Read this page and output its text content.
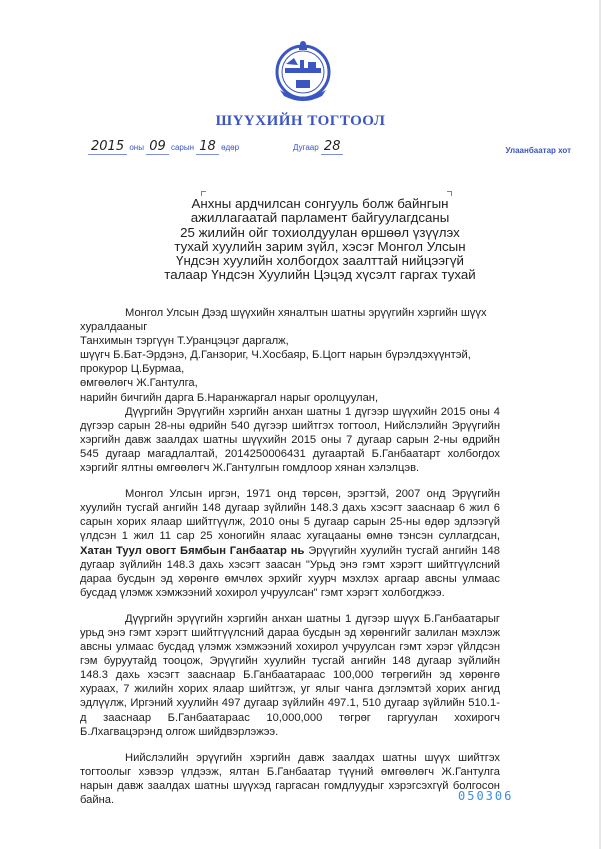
ШҮҮХИЙН ТОГТООЛ
2015 оны 09 сарын 18 өдөр	Дугаар 28	Улаанбаатар хот
Анхны ардчилсан сонгууль болж байнгын
ажиллагаатай парламент байгуулагдсаны
25 жилийн ойг тохиолдуулан өршөөл үзүүлэх
тухай хуулийн зарим зүйл, хэсэг Монгол Улсын
Үндсэн хуулийн холбогдох заалттай нийцээгүй
талаар Үндсэн Хуулийн Цэцэд хүсэлт гаргах тухай

Монгол Улсын Дээд шүүхийн хяналтын шатны эрүүгийн хэргийн шүүх

хуралдааныг

Танхимын тэргүүн Т.Уранцэцэг даргалж,

шүүгч Б.Бат-Эрдэнэ, Д.Ганзориг, Ч.Хосбаяр, Б.Цогт нарын бүрэлдэхүүнтэй,

прокурор Ц.Бурмаа,

өмгөөлөгч Ж.Гантулга,

нарийн бичгийн дарга Б.Наранжаргал нарыг оролцуулан,

Дүүргийн Эрүүгийн хэргийн анхан шатны 1 дүгээр шүүхийн 2015 оны 4 дүгээр сарын 28-ны өдрийн 540 дүгээр шийтгэх тогтоол, Нийслэлийн Эрүүгийн хэргийн давж заалдах шатны шүүхийн 2015 оны 7 дугаар сарын 2-ны өдрийн 545 дугаар магадлалтай, 2014250006431 дугаартай Б.Ганбаатарт холбогдох хэргийг ялтны өмгөөлөгч Ж.Гантулгын гомдлоор хянан хэлэлцэв.

Монгол Улсын иргэн, 1971 онд төрсөн, эрэгтэй, 2007 онд Эрүүгийн хуулийн тусгай ангийн 148 дугаар зүйлийн 148.3 дахь хэсэгт зааснаар 6 жил 6 сарын хорих ялаар шийтгүүлж, 2010 оны 5 дугаар сарын 25-ны өдөр эдлээгүй үлдсэн 1 жил 11 сар 25 хоногийн ялаас хугацааны өмнө тэнсэн суллагдсан, Хатан Туул овогт Бямбын Ганбаатар нь Эрүүгийн хуулийн тусгай ангийн 148 дугаар зүйлийн 148.3 дахь хэсэгт заасан "Урьд энэ гэмт хэрэгт шийтгүүлсний дараа бусдын эд хөрөнгө өмчлөх эрхийг хуурч мэхлэх аргаар авсны улмаас бусдад үлэмж хэмжээний хохирол учруулсан" гэмт хэрэгт холбогджээ.

Дүүргийн эрүүгийн хэргийн анхан шатны 1 дүгээр шүүх Б.Ганбаатарыг урьд энэ гэмт хэрэгт шийтгүүлсний дараа бусдын эд хөрөнгийг залилан мэхлэж авсны улмаас бусдад үлэмж хэмжээний хохирол учруулсан гэмт хэрэг үйлдсэн гэм буруутайд тооцож, Эрүүгийн хуулийн тусгай ангийн 148 дугаар зүйлийн 148.3 дахь хэсэгт зааснаар Б.Ганбаатараас 100,000 төгрөгийн эд хөрөнгө хураах, 7 жилийн хорих ялаар шийтгэж, уг ялыг чанга дэглэмтэй хорих ангид эдлүүлж, Иргэний хуулийн 497 дугаар зүйлийн 497.1, 510 дугаар зүйлийн 510.1-д зааснаар Б.Ганбаатараас 10,000,000 төгрөг гаргуулан хохирогч Б.Лхагвацэрэнд олгож шийдвэрлэжээ.

Нийслэлийн эрүүгийн хэргийн давж заалдах шатны шүүх шийтгэх тогтоолыг хэвээр үлдээж, ялтан Б.Ганбаатар түүний өмгөөлөгч Ж.Гантулга нарын давж заалдах шатны шүүхэд гаргасан гомдлуудыг хэрэгсэхгүй болгосон байна.	050306
